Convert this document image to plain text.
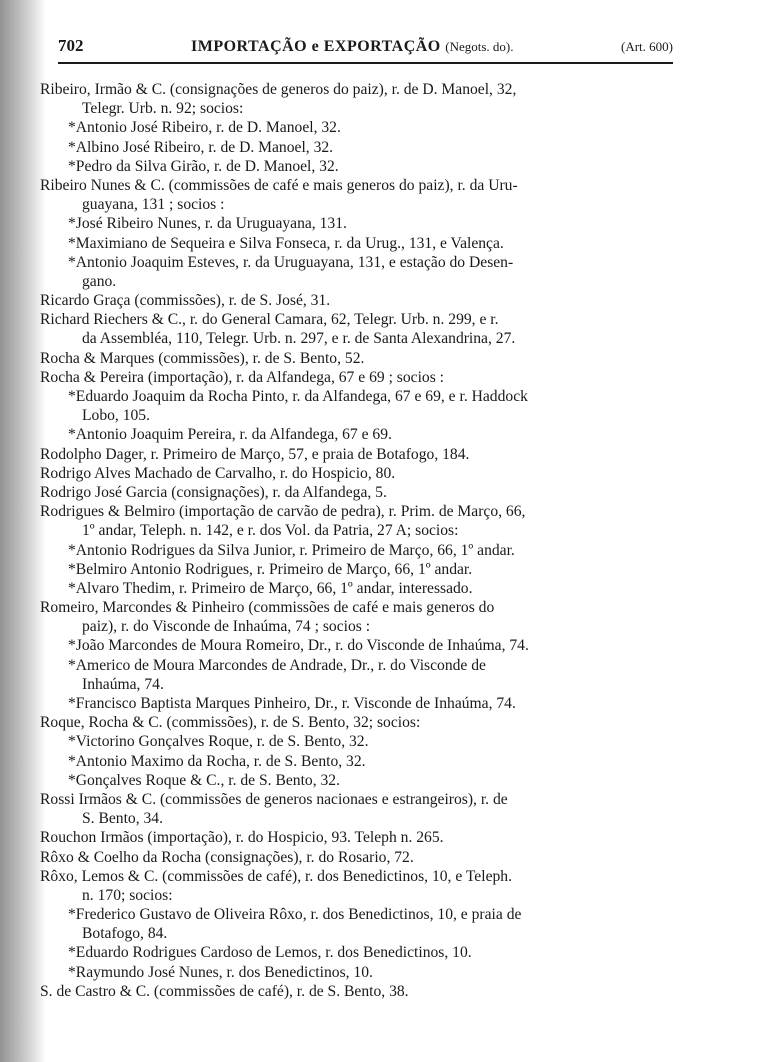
702	IMPORTAÇÃO e EXPORTAÇÃO (Negots. do).	(Art. 600)
Ribeiro, Irmão & C. (consignações de generos do paiz), r. de D. Manoel, 32,
Telegr. Urb. n. 92; socios:
*Antonio José Ribeiro, r. de D. Manoel, 32.
*Albino José Ribeiro, r. de D. Manoel, 32.
*Pedro da Silva Girão, r. de D. Manoel, 32.
Ribeiro Nunes & C. (commissões de café e mais generos do paiz), r. da Uru-
guayana, 131 ; socios :
*José Ribeiro Nunes, r. da Uruguayana, 131.
*Maximiano de Sequeira e Silva Fonseca, r. da Urug., 131, e Valença.
*Antonio Joaquim Esteves, r. da Uruguayana, 131, e estação do Desen-
gano.
Ricardo Graça (commissões), r. de S. José, 31.
Richard Riechers & C., r. do General Camara, 62, Telegr. Urb. n. 299, e r.
da Assembléa, 110, Telegr. Urb. n. 297, e r. de Santa Alexandrina, 27.
Rocha & Marques (commissões), r. de S. Bento, 52.
Rocha & Pereira (importação), r. da Alfandega, 67 e 69 ; socios :
*Eduardo Joaquim da Rocha Pinto, r. da Alfandega, 67 e 69, e r. Haddock
Lobo, 105.
*Antonio Joaquim Pereira, r. da Alfandega, 67 e 69.
Rodolpho Dager, r. Primeiro de Março, 57, e praia de Botafogo, 184.
Rodrigo Alves Machado de Carvalho, r. do Hospicio, 80.
Rodrigo José Garcia (consignações), r. da Alfandega, 5.
Rodrigues & Belmiro (importação de carvão de pedra), r. Prim. de Março, 66,
1º andar, Teleph. n. 142, e r. dos Vol. da Patria, 27 A; socios:
*Antonio Rodrigues da Silva Junior, r. Primeiro de Março, 66, 1º andar.
*Belmiro Antonio Rodrigues, r. Primeiro de Março, 66, 1º andar.
*Alvaro Thedim, r. Primeiro de Março, 66, 1º andar, interessado.
Romeiro, Marcondes & Pinheiro (commissões de café e mais generos do
paiz), r. do Visconde de Inhaúma, 74 ; socios :
*João Marcondes de Moura Romeiro, Dr., r. do Visconde de Inhaúma, 74.
*Americo de Moura Marcondes de Andrade, Dr., r. do Visconde de
Inhaúma, 74.
*Francisco Baptista Marques Pinheiro, Dr., r. Visconde de Inhaúma, 74.
Roque, Rocha & C. (commissões), r. de S. Bento, 32; socios:
*Victorino Gonçalves Roque, r. de S. Bento, 32.
*Antonio Maximo da Rocha, r. de S. Bento, 32.
*Gonçalves Roque & C., r. de S. Bento, 32.
Rossi Irmãos & C. (commissões de generos nacionaes e estrangeiros), r. de
S. Bento, 34.
Rouchon Irmãos (importação), r. do Hospicio, 93. Teleph n. 265.
Rôxo & Coelho da Rocha (consignações), r. do Rosario, 72.
Rôxo, Lemos & C. (commissões de café), r. dos Benedictinos, 10, e Teleph.
n. 170; socios:
*Frederico Gustavo de Oliveira Rôxo, r. dos Benedictinos, 10, e praia de
Botafogo, 84.
*Eduardo Rodrigues Cardoso de Lemos, r. dos Benedictinos, 10.
*Raymundo José Nunes, r. dos Benedictinos, 10.
S. de Castro & C. (commissões de café), r. de S. Bento, 38.
